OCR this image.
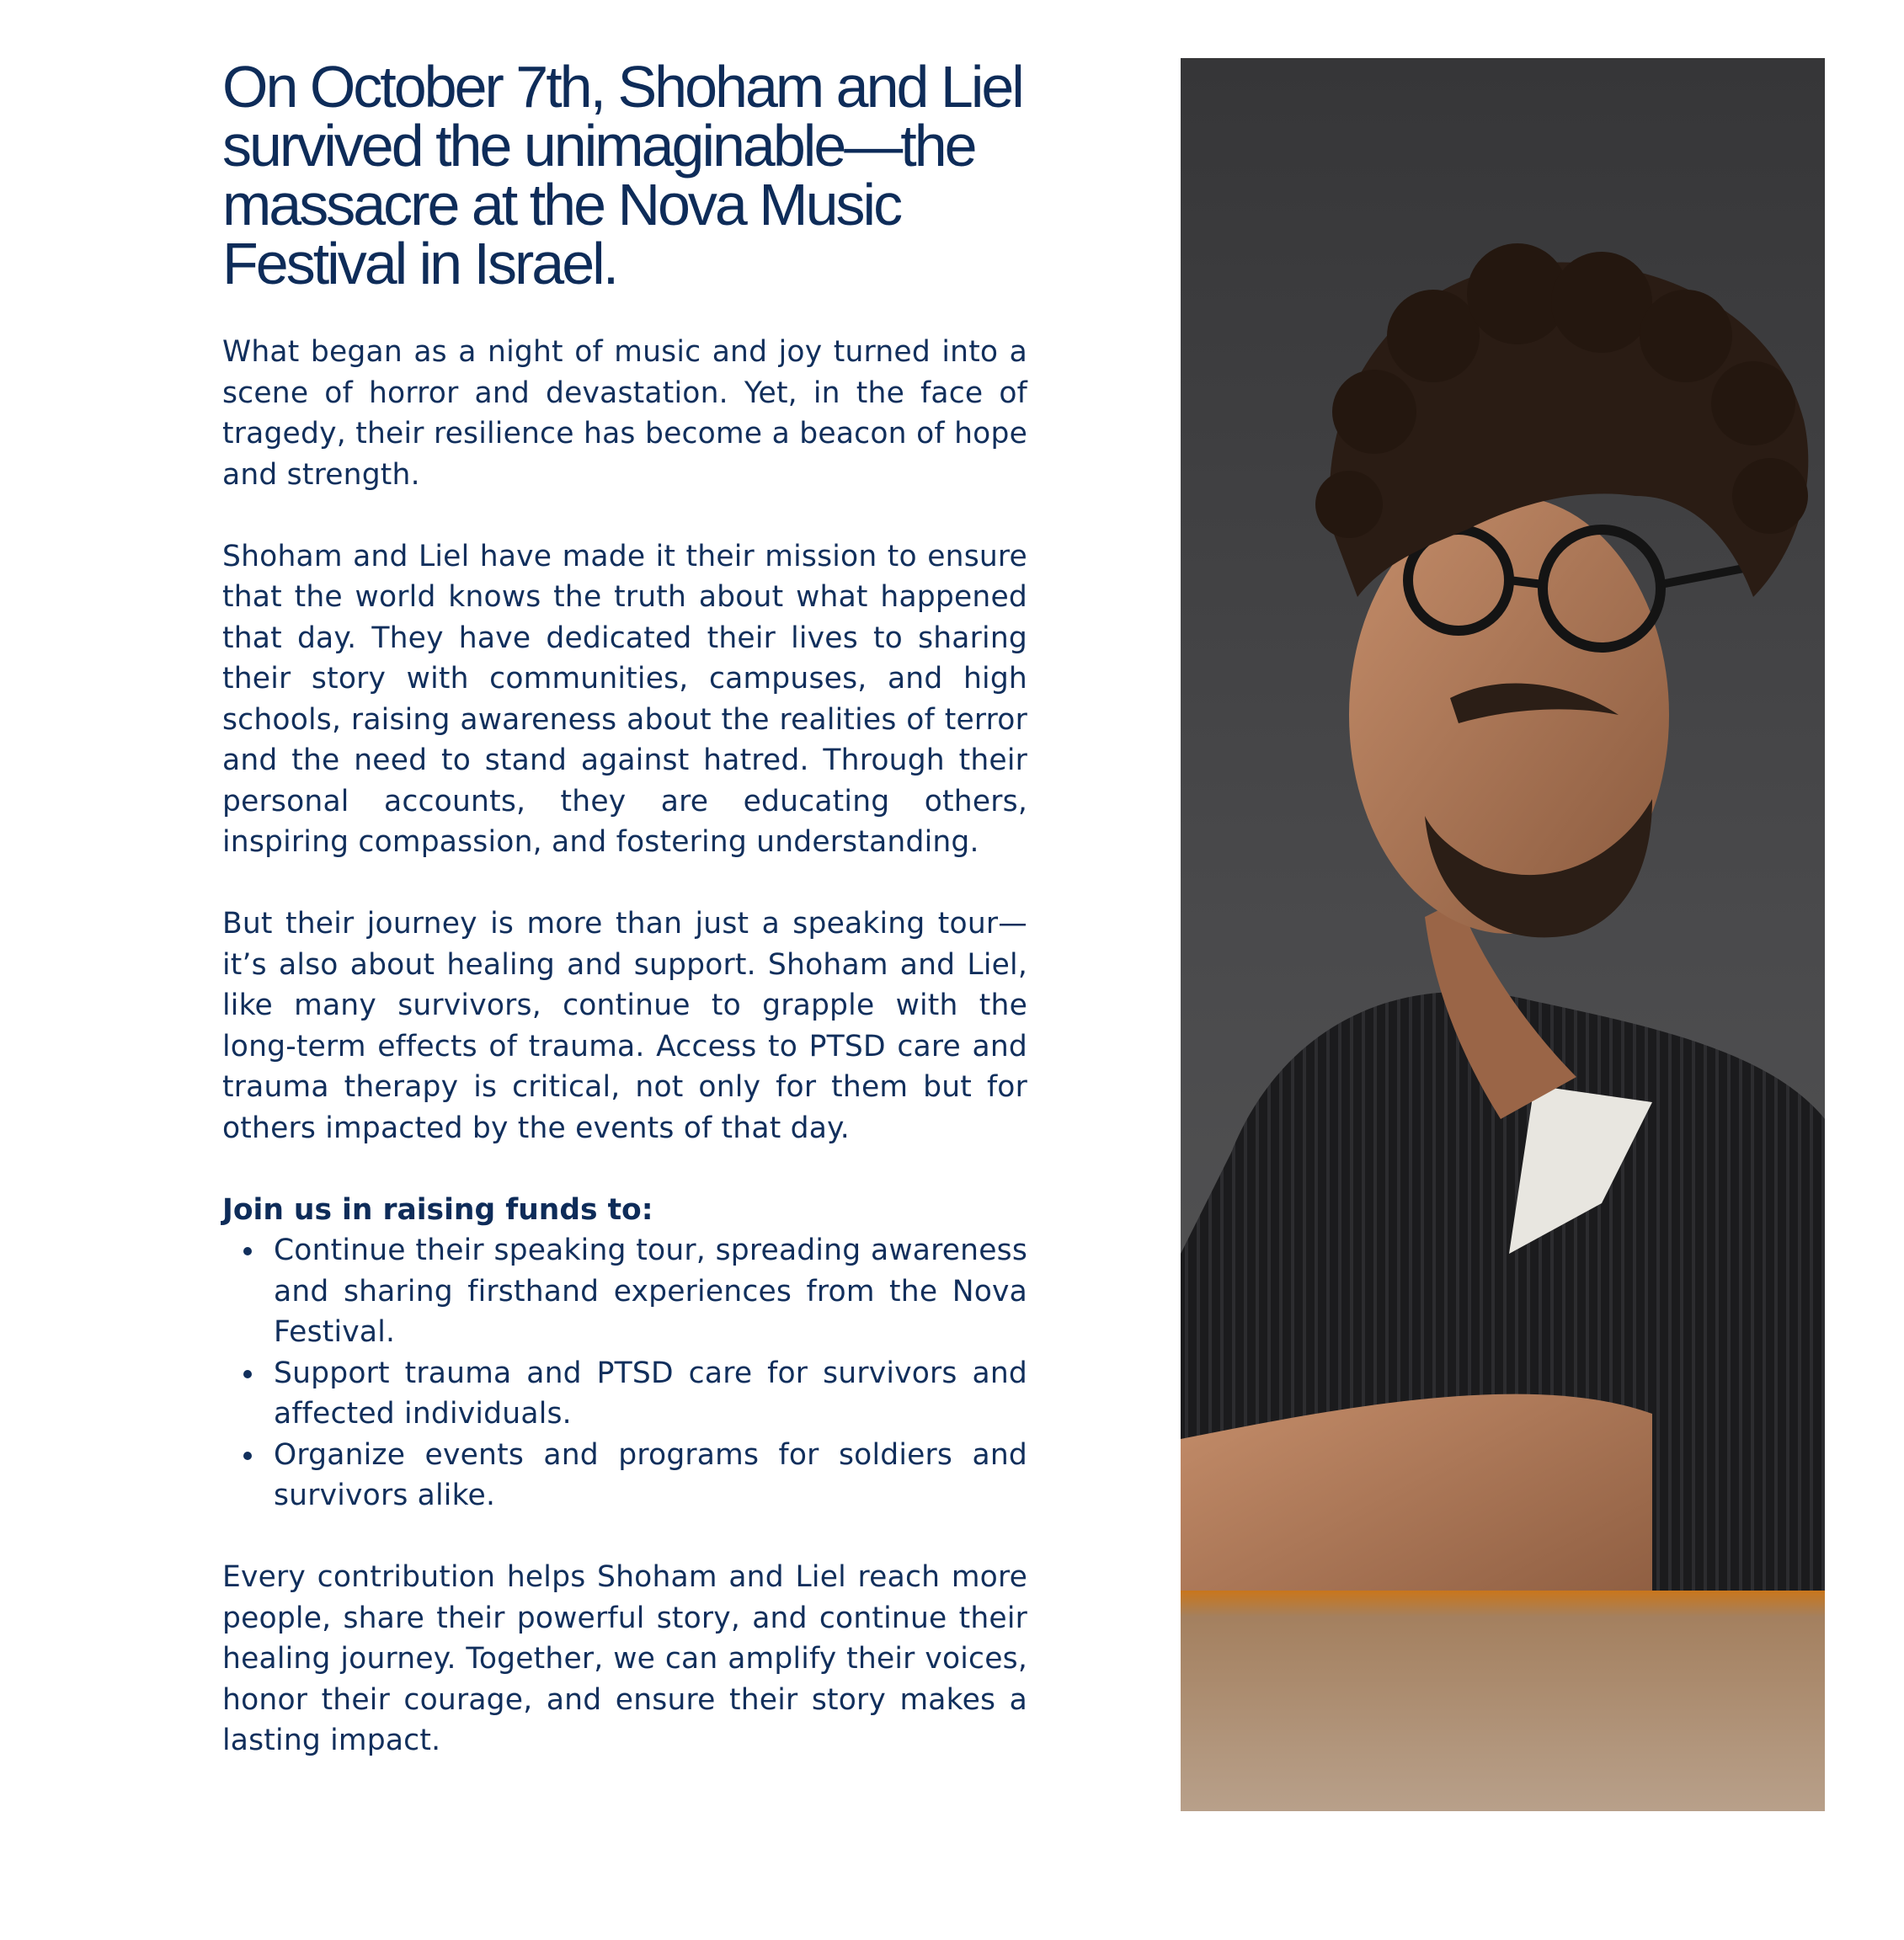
On October 7th, Shoham and Liel survived the unimaginable—the massacre at the Nova Music Festival in Israel.

What began as a night of music and joy turned into a scene of horror and devastation. Yet, in the face of tragedy, their resilience has become a beacon of hope and strength.

Shoham and Liel have made it their mission to ensure that the world knows the truth about what happened that day. They have dedicated their lives to sharing their story with communities, campuses, and high schools, raising awareness about the realities of terror and the need to stand against hatred. Through their personal accounts, they are educating others, inspiring compassion, and fostering understanding.

But their journey is more than just a speaking tour—it’s also about healing and support. Shoham and Liel, like many survivors, continue to grapple with the long-term effects of trauma. Access to PTSD care and trauma therapy is critical, not only for them but for others impacted by the events of that day.

Join us in raising funds to:
Continue their speaking tour, spreading awareness and sharing firsthand experiences from the Nova Festival.
Support trauma and PTSD care for survivors and affected individuals.
Organize events and programs for soldiers and survivors alike.

Every contribution helps Shoham and Liel reach more people, share their powerful story, and continue their healing journey. Together, we can amplify their voices, honor their courage, and ensure their story makes a lasting impact.
